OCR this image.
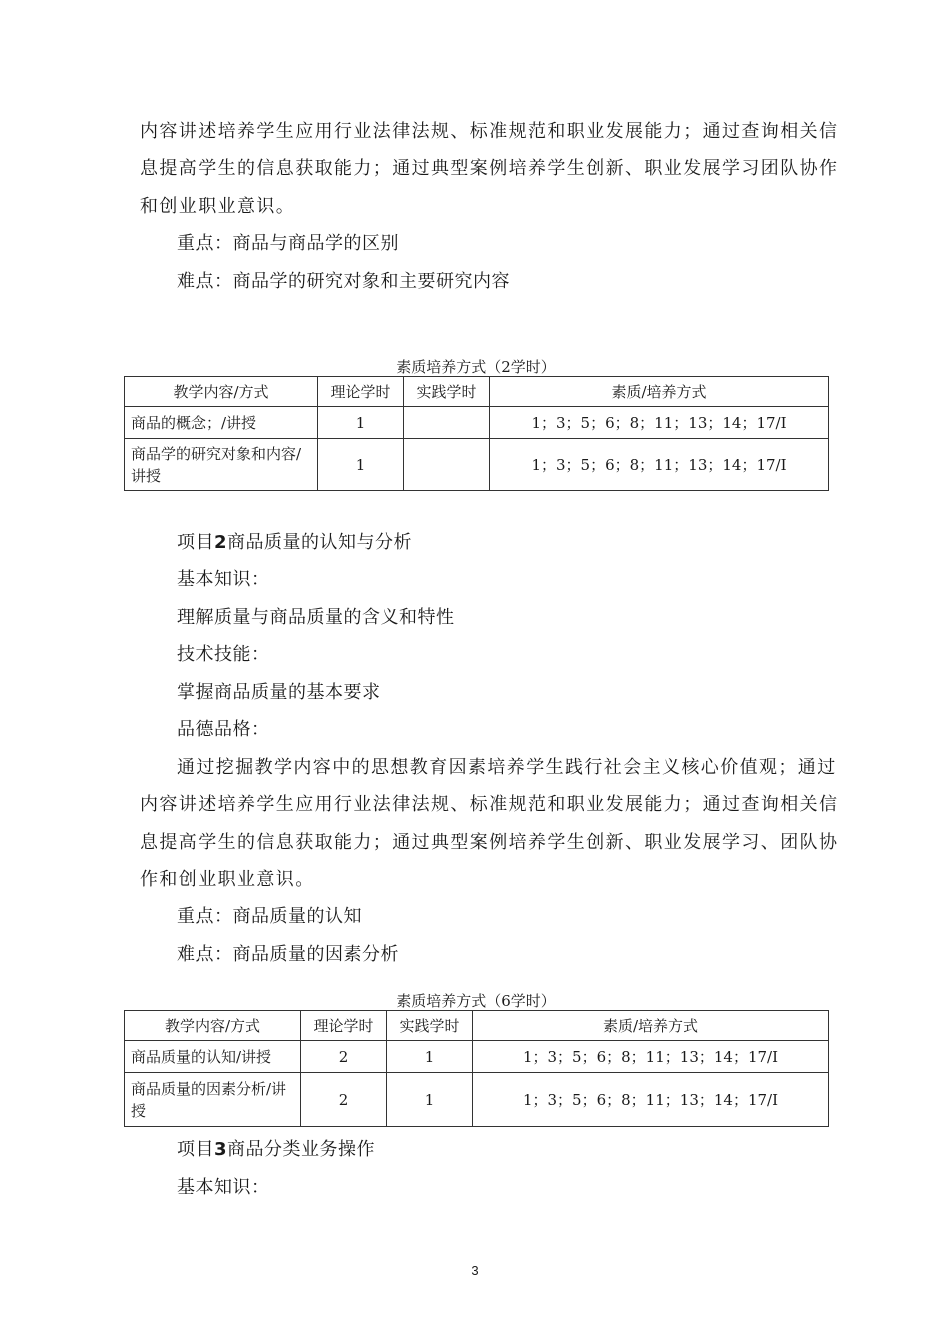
内容讲述培养学生应用行业法律法规、标准规范和职业发展能力；通过查询相关信
息提高学生的信息获取能力；通过典型案例培养学生创新、职业发展学习团队协作
和创业职业意识。
重点：商品与商品学的区别
难点：商品学的研究对象和主要研究内容
素质培养方式（2学时）
教学内容/方式	理论学时	实践学时	素质/培养方式
商品的概念；/讲授	1		1；3；5；6；8；11；13；14；17/I
商品学的研究对象和内容/讲授	1		1；3；5；6；8；11；13；14；17/I
项目2商品质量的认知与分析
基本知识：
理解质量与商品质量的含义和特性
技术技能：
掌握商品质量的基本要求
品德品格：
通过挖掘教学内容中的思想教育因素培养学生践行社会主义核心价值观；通过
内容讲述培养学生应用行业法律法规、标准规范和职业发展能力；通过查询相关信
息提高学生的信息获取能力；通过典型案例培养学生创新、职业发展学习、团队协
作和创业职业意识。
重点：商品质量的认知
难点：商品质量的因素分析
素质培养方式（6学时）
教学内容/方式	理论学时	实践学时	素质/培养方式
商品质量的认知/讲授	2	1	1；3；5；6；8；11；13；14；17/I
商品质量的因素分析/讲授	2	1	1；3；5；6；8；11；13；14；17/I
项目3商品分类业务操作
基本知识：
3
